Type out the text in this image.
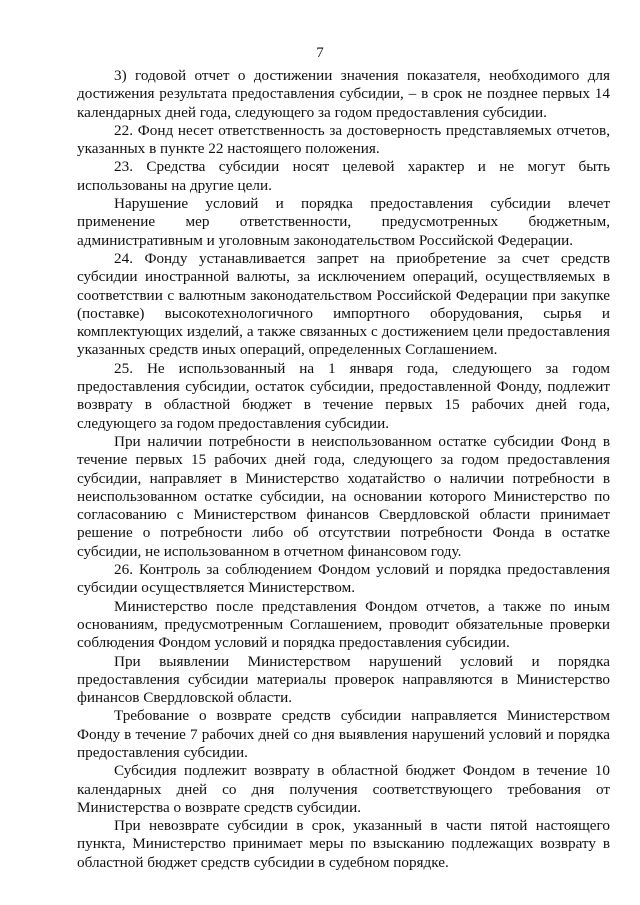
7

3) годовой отчет о достижении значения показателя, необходимого для достижения результата предоставления субсидии, – в срок не позднее первых 14 календарных дней года, следующего за годом предоставления субсидии.

22. Фонд несет ответственность за достоверность представляемых отчетов, указанных в пункте 22 настоящего положения.

23. Средства субсидии носят целевой характер и не могут быть использованы на другие цели.

Нарушение условий и порядка предоставления субсидии влечет применение мер ответственности, предусмотренных бюджетным, административным и уголовным законодательством Российской Федерации.

24. Фонду устанавливается запрет на приобретение за счет средств субсидии иностранной валюты, за исключением операций, осуществляемых в соответствии с валютным законодательством Российской Федерации при закупке (поставке) высокотехнологичного импортного оборудования, сырья и комплектующих изделий, а также связанных с достижением цели предоставления указанных средств иных операций, определенных Соглашением.

25. Не использованный на 1 января года, следующего за годом предоставления субсидии, остаток субсидии, предоставленной Фонду, подлежит возврату в областной бюджет в течение первых 15 рабочих дней года, следующего за годом предоставления субсидии.

При наличии потребности в неиспользованном остатке субсидии Фонд в течение первых 15 рабочих дней года, следующего за годом предоставления субсидии, направляет в Министерство ходатайство о наличии потребности в неиспользованном остатке субсидии, на основании которого Министерство по согласованию с Министерством финансов Свердловской области принимает решение о потребности либо об отсутствии потребности Фонда в остатке субсидии, не использованном в отчетном финансовом году.

26. Контроль за соблюдением Фондом условий и порядка предоставления субсидии осуществляется Министерством.

Министерство после представления Фондом отчетов, а также по иным основаниям, предусмотренным Соглашением, проводит обязательные проверки соблюдения Фондом условий и порядка предоставления субсидии.

При выявлении Министерством нарушений условий и порядка предоставления субсидии материалы проверок направляются в Министерство финансов Свердловской области.

Требование о возврате средств субсидии направляется Министерством Фонду в течение 7 рабочих дней со дня выявления нарушений условий и порядка предоставления субсидии.

Субсидия подлежит возврату в областной бюджет Фондом в течение 10 календарных дней со дня получения соответствующего требования от Министерства о возврате средств субсидии.

При невозврате субсидии в срок, указанный в части пятой настоящего пункта, Министерство принимает меры по взысканию подлежащих возврату в областной бюджет средств субсидии в судебном порядке.
